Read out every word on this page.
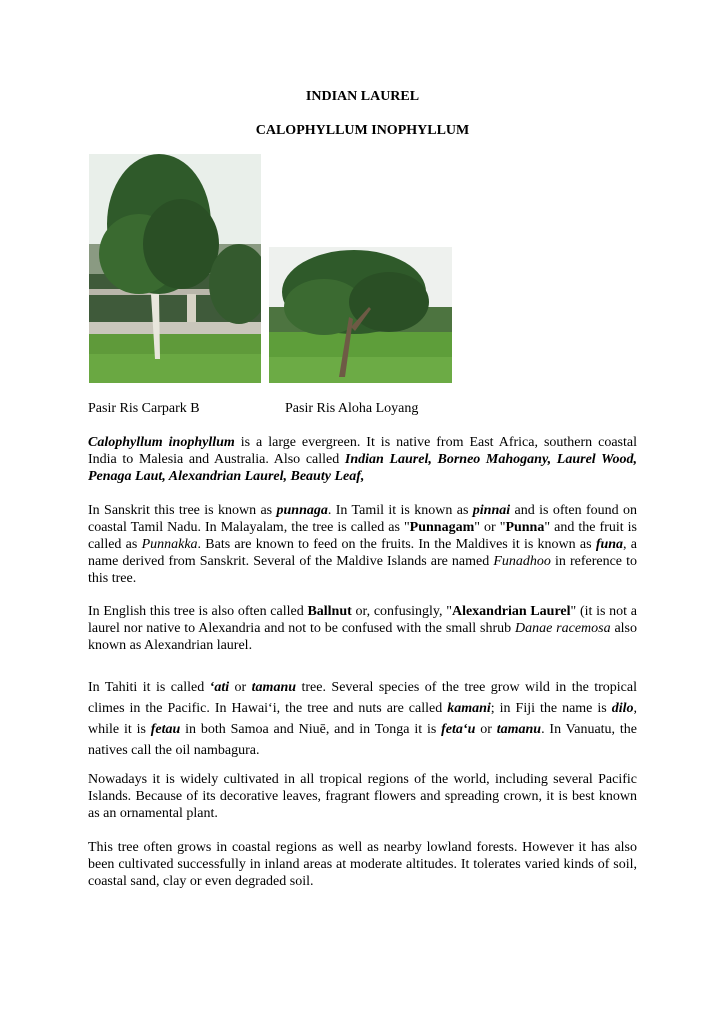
INDIAN LAUREL
CALOPHYLLUM INOPHYLLUM
Pasir Ris Carpark B	Pasir Ris Aloha Loyang
Calophyllum inophyllum is a large evergreen. It is native from East Africa, southern coastal India to Malesia and Australia. Also called Indian Laurel, Borneo Mahogany, Laurel Wood, Penaga Laut, Alexandrian Laurel, Beauty Leaf,
In Sanskrit this tree is known as punnaga. In Tamil it is known as pinnai and is often found on coastal Tamil Nadu. In Malayalam, the tree is called as "Punnagam" or "Punna" and the fruit is called as Punnakka. Bats are known to feed on the fruits. In the Maldives it is known as funa, a name derived from Sanskrit. Several of the Maldive Islands are named Funadhoo in reference to this tree.
In English this tree is also often called Ballnut or, confusingly, "Alexandrian Laurel" (it is not a laurel nor native to Alexandria and not to be confused with the small shrub Danae racemosa also known as Alexandrian laurel.
In Tahiti it is called ʻati or tamanu tree. Several species of the tree grow wild in the tropical climes in the Pacific. In Hawaiʻi, the tree and nuts are called kamani; in Fiji the name is dilo, while it is fetau in both Samoa and Niuē, and in Tonga it is fetaʻu or tamanu. In Vanuatu, the natives call the oil nambagura.
Nowadays it is widely cultivated in all tropical regions of the world, including several Pacific Islands. Because of its decorative leaves, fragrant flowers and spreading crown, it is best known as an ornamental plant.
This tree often grows in coastal regions as well as nearby lowland forests. However it has also been cultivated successfully in inland areas at moderate altitudes. It tolerates varied kinds of soil, coastal sand, clay or even degraded soil.
